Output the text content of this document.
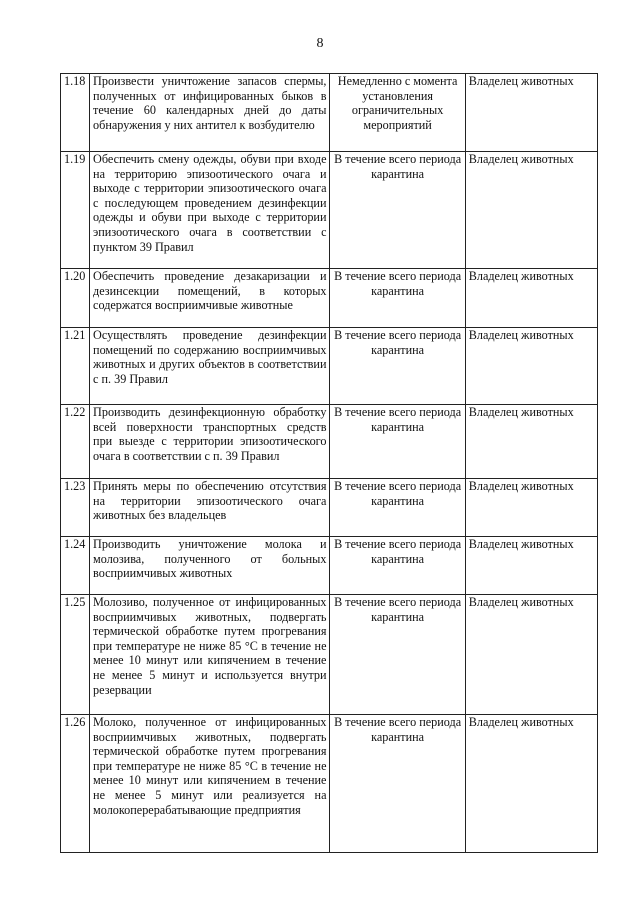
8
1.18	Произвести уничтожение запасов спермы, полученных от инфицированных быков в течение 60 календарных дней до даты обнаружения у них антител к возбудителю	Немедленно с момента установления ограничительных мероприятий	Владелец животных
1.19	Обеспечить смену одежды, обуви при входе на территорию эпизоотического очага и выходе с территории эпизоотического очага с последующем проведением дезинфекции одежды и обуви при выходе с территории эпизоотического очага в соответствии с пунктом 39 Правил	В течение всего периода карантина	Владелец животных
1.20	Обеспечить проведение дезакаризации и дезинсекции помещений, в которых содержатся восприимчивые животные	В течение всего периода карантина	Владелец животных
1.21	Осуществлять проведение дезинфекции помещений по содержанию восприимчивых животных и других объектов в соответствии с п. 39 Правил	В течение всего периода карантина	Владелец животных
1.22	Производить дезинфекционную обработку всей поверхности транспортных средств при выезде с территории эпизоотического очага в соответствии с п. 39 Правил	В течение всего периода карантина	Владелец животных
1.23	Принять меры по обеспечению отсутствия на территории эпизоотического очага животных без владельцев	В течение всего периода карантина	Владелец животных
1.24	Производить уничтожение молока и молозива, полученного от больных восприимчивых животных	В течение всего периода карантина	Владелец животных
1.25	Молозиво, полученное от инфицированных восприимчивых животных, подвергать термической обработке путем прогревания при температуре не ниже 85 °С в течение не менее 10 минут или кипячением в течение не менее 5 минут и используется внутри резервации	В течение всего периода карантина	Владелец животных
1.26	Молоко, полученное от инфицированных восприимчивых животных, подвергать термической обработке путем прогревания при температуре не ниже 85 °С в течение не менее 10 минут или кипячением в течение не менее 5 минут или реализуется на молокоперерабатывающие предприятия	В течение всего периода карантина	Владелец животных
